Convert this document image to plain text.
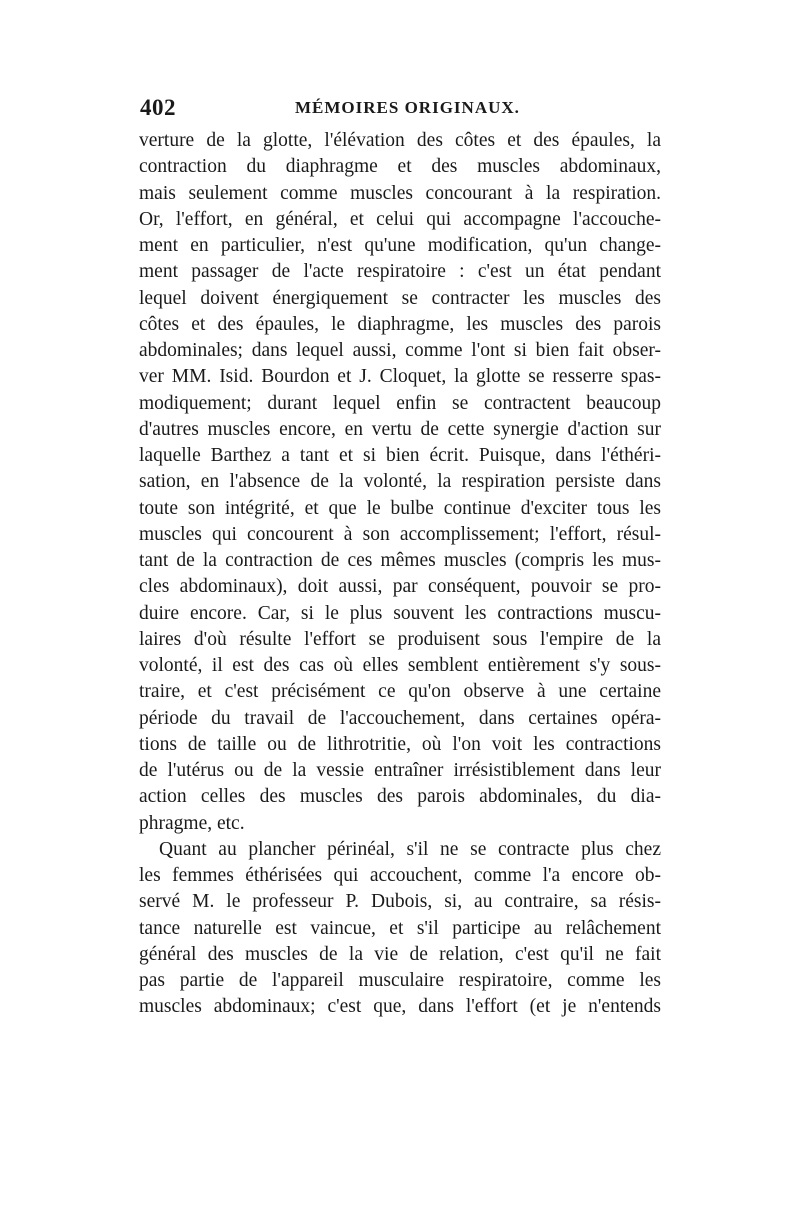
402	MÉMOIRES ORIGINAUX.
verture de la glotte, l'élévation des côtes et des épaules, la
contraction du diaphragme et des muscles abdominaux,
mais seulement comme muscles concourant à la respiration.
Or, l'effort, en général, et celui qui accompagne l'accouche-
ment en particulier, n'est qu'une modification, qu'un change-
ment passager de l'acte respiratoire : c'est un état pendant
lequel doivent énergiquement se contracter les muscles des
côtes et des épaules, le diaphragme, les muscles des parois
abdominales; dans lequel aussi, comme l'ont si bien fait obser-
ver MM. Isid. Bourdon et J. Cloquet, la glotte se resserre spas-
modiquement; durant lequel enfin se contractent beaucoup
d'autres muscles encore, en vertu de cette synergie d'action sur
laquelle Barthez a tant et si bien écrit. Puisque, dans l'éthéri-
sation, en l'absence de la volonté, la respiration persiste dans
toute son intégrité, et que le bulbe continue d'exciter tous les
muscles qui concourent à son accomplissement; l'effort, résul-
tant de la contraction de ces mêmes muscles (compris les mus-
cles abdominaux), doit aussi, par conséquent, pouvoir se pro-
duire encore. Car, si le plus souvent les contractions muscu-
laires d'où résulte l'effort se produisent sous l'empire de la
volonté, il est des cas où elles semblent entièrement s'y sous-
traire, et c'est précisément ce qu'on observe à une certaine
période du travail de l'accouchement, dans certaines opéra-
tions de taille ou de lithrotritie, où l'on voit les contractions
de l'utérus ou de la vessie entraîner irrésistiblement dans leur
action celles des muscles des parois abdominales, du dia-
phragme, etc.
Quant au plancher périnéal, s'il ne se contracte plus chez
les femmes éthérisées qui accouchent, comme l'a encore ob-
servé M. le professeur P. Dubois, si, au contraire, sa résis-
tance naturelle est vaincue, et s'il participe au relâchement
général des muscles de la vie de relation, c'est qu'il ne fait
pas partie de l'appareil musculaire respiratoire, comme les
muscles abdominaux; c'est que, dans l'effort (et je n'entends
